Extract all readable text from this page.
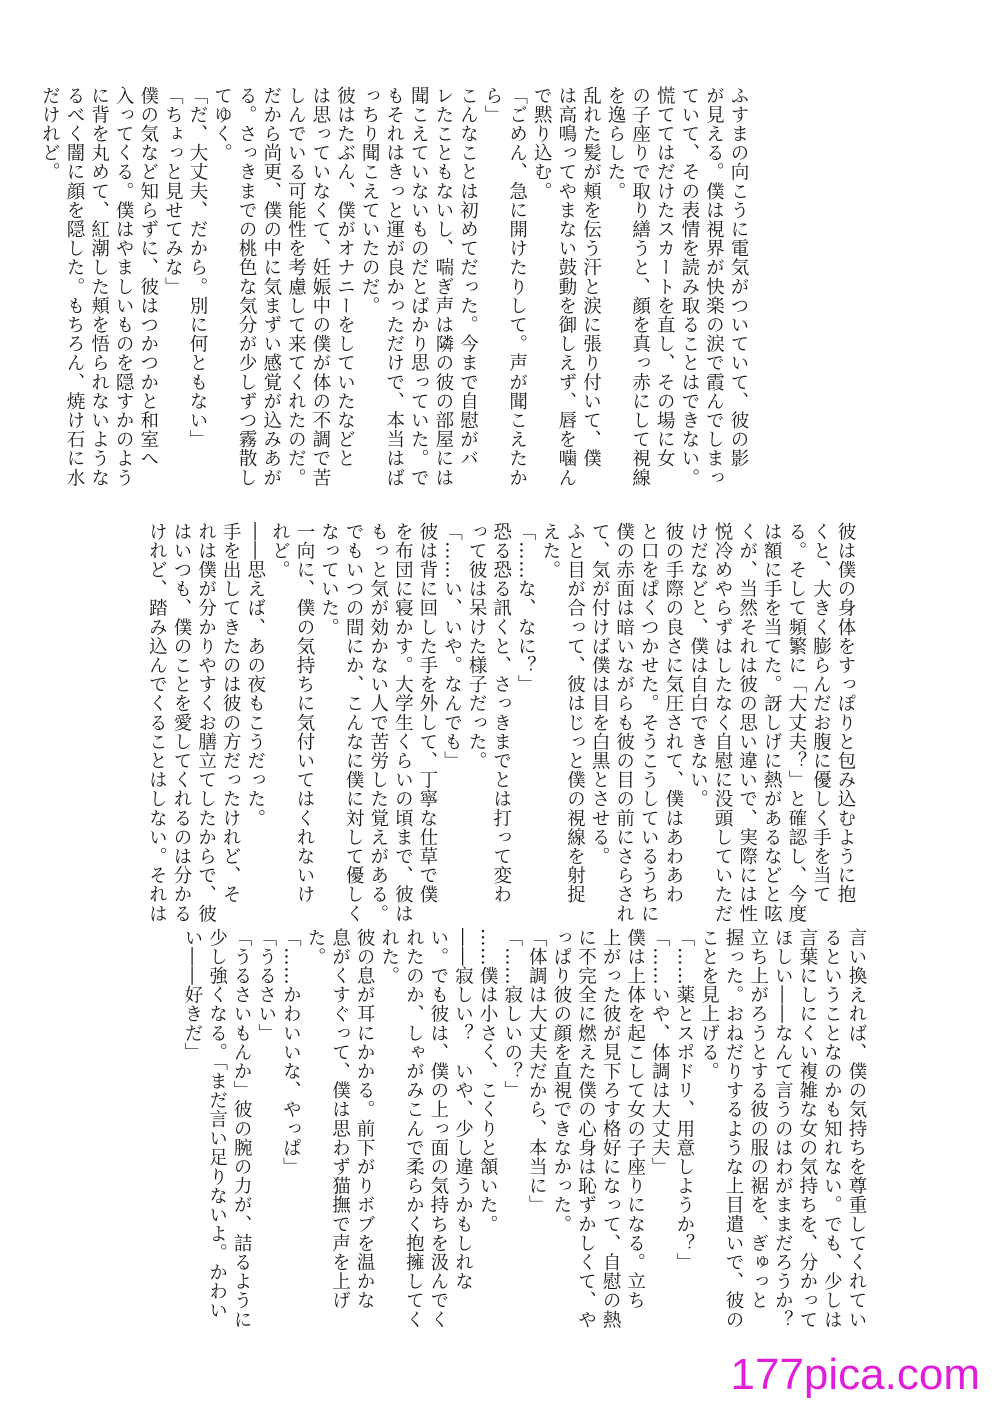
ふすまの向こうに電気がついていて、彼の影
が見える。僕は視界が快楽の涙で霞んでしまっ
ていて、その表情を読み取ることはできない。
慌ててはだけたスカートを直し、その場に女
の子座りで取り繕うと、顔を真っ赤にして視線
を逸らした。
乱れた髪が頬を伝う汗と涙に張り付いて、僕
は高鳴ってやまない鼓動を御しえず、唇を噛ん
で黙り込む。
「ごめん、急に開けたりして。声が聞こえたか
ら」
こんなことは初めてだった。今まで自慰がバ
レたこともないし、喘ぎ声は隣の彼の部屋には
聞こえていないものだとばかり思っていた。で
もそれはきっと運が良かっただけで、本当はば
っちり聞こえていたのだ。
彼はたぶん、僕がオナニーをしていたなどと
は思っていなくて、妊娠中の僕が体の不調で苦
しんでいる可能性を考慮して来てくれたのだ。
だから尚更、僕の中に気まずい感覚が込みあが
る。さっきまでの桃色な気分が少しずつ霧散し
てゆく。
「だ、大丈夫、だから。別に何ともない」
「ちょっと見せてみな」
僕の気など知らずに、彼はつかつかと和室へ
入ってくる。僕はやましいものを隠すかのよう
に背を丸めて、紅潮した頬を悟られないような
るべく闇に顔を隠した。もちろん、焼け石に水
だけれど。
彼は僕の身体をすっぽりと包み込むように抱
くと、大きく膨らんだお腹に優しく手を当て
る。そして頻繁に「大丈夫？」と確認し、今度
は額に手を当てた。訝しげに熱があるなどと呟
くが、当然それは彼の思い違いで、実際には性
悦冷めやらずはしたなく自慰に没頭していただ
けだなどと、僕は自白できない。
彼の手際の良さに気圧されて、僕はあわあわ
と口をぱくつかせた。そうこうしているうちに
僕の赤面は暗いながらも彼の目の前にさらされ
て、気が付けば僕は目を白黒とさせる。
ふと目が合って、彼はじっと僕の視線を射捉
えた。
「……な、なに？」
恐る恐る訊くと、さっきまでとは打って変わ
って彼は呆けた様子だった。
「……い、いや。なんでも」
彼は背に回した手を外して、丁寧な仕草で僕
を布団に寝かす。大学生くらいの頃まで、彼は
もっと気が効かない人で苦労した覚えがある。
でもいつの間にか、こんなに僕に対して優しく
なっていた。
一向に、僕の気持ちに気付いてはくれないけ
れど。
――思えば、あの夜もこうだった。
手を出してきたのは彼の方だったけれど、そ
れは僕が分かりやすくお膳立てしたからで、彼
はいつも、僕のことを愛してくれるのは分かる
けれど、踏み込んでくることはしない。それは
言い換えれば、僕の気持ちを尊重してくれてい
るということなのかも知れない。でも、少しは
言葉にしにくい複雑な女の気持ちを、分かって
ほしい――なんて言うのはわがままだろうか？
立ち上がろうとする彼の服の裾を、ぎゅっと
握った。おねだりするような上目遣いで、彼の
ことを見上げる。
「……薬とスポドリ、用意しようか？」
「……いや、体調は大丈夫」
僕は上体を起こして女の子座りになる。立ち
上がった彼が見下ろす格好になって、自慰の熱
に不完全に燃えた僕の心身は恥ずかしくて、や
っぱり彼の顔を直視できなかった。
「体調は大丈夫だから、本当に」
「……寂しいの？」
……僕は小さく、こくりと頷いた。
――寂しい？　いや、少し違うかもしれな
い。でも彼は、僕の上っ面の気持ちを汲んでく
れたのか、しゃがみこんで柔らかく抱擁してく
れた。
彼の息が耳にかかる。前下がりボブを温かな
息がくすぐって、僕は思わず猫撫で声を上げ
た。
「……かわいいな、やっぱ」
「うるさい」
「うるさいもんか」彼の腕の力が、詰るように
少し強くなる。「まだ言い足りないよ。かわい
い――好きだ」
177pica.com
